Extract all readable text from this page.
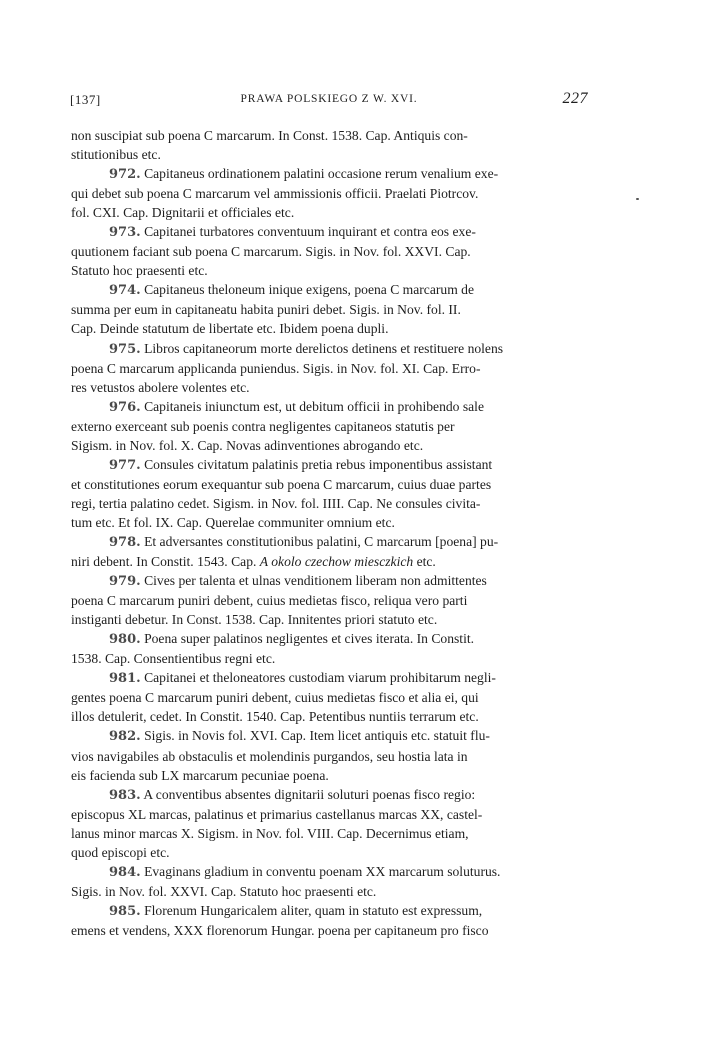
[137]	PRAWA POLSKIEGO Z W. XVI.	227

non suscipiat sub poena C marcarum. In Const. 1538. Cap. Antiquis con-
stitutionibus etc.

972. Capitaneus ordinationem palatini occasione rerum venalium exe-
qui debet sub poena C marcarum vel ammissionis officii. Praelati Piotrcov.
fol. CXI. Cap. Dignitarii et officiales etc.

973. Capitanei turbatores conventuum inquirant et contra eos exe-
quutionem faciant sub poena C marcarum. Sigis. in Nov. fol. XXVI. Cap.
Statuto hoc praesenti etc.

974. Capitaneus theloneum inique exigens, poena C marcarum de
summa per eum in capitaneatu habita puniri debet. Sigis. in Nov. fol. II.
Cap. Deinde statutum de libertate etc. Ibidem poena dupli.

975. Libros capitaneorum morte derelictos detinens et restituere nolens
poena C marcarum applicanda puniendus. Sigis. in Nov. fol. XI. Cap. Erro-
res vetustos abolere volentes etc.

976. Capitaneis iniunctum est, ut debitum officii in prohibendo sale
externo exerceant sub poenis contra negligentes capitaneos statutis per
Sigism. in Nov. fol. X. Cap. Novas adinventiones abrogando etc.

977. Consules civitatum palatinis pretia rebus imponentibus assistant
et constitutiones eorum exequantur sub poena C marcarum, cuius duae partes
regi, tertia palatino cedet. Sigism. in Nov. fol. IIII. Cap. Ne consules civita-
tum etc. Et fol. IX. Cap. Querelae communiter omnium etc.

978. Et adversantes constitutionibus palatini, C marcarum [poena] pu-
niri debent. In Constit. 1543. Cap. A okolo czechow miesczkich etc.

979. Cives per talenta et ulnas venditionem liberam non admittentes
poena C marcarum puniri debent, cuius medietas fisco, reliqua vero parti
instiganti debetur. In Const. 1538. Cap. Innitentes priori statuto etc.

980. Poena super palatinos negligentes et cives iterata. In Constit.
1538. Cap. Consentientibus regni etc.

981. Capitanei et theloneatores custodiam viarum prohibitarum negli-
gentes poena C marcarum puniri debent, cuius medietas fisco et alia ei, qui
illos detulerit, cedet. In Constit. 1540. Cap. Petentibus nuntiis terrarum etc.

982. Sigis. in Novis fol. XVI. Cap. Item licet antiquis etc. statuit flu-
vios navigabiles ab obstaculis et molendinis purgandos, seu hostia lata in
eis facienda sub LX marcarum pecuniae poena.

983. A conventibus absentes dignitarii soluturi poenas fisco regio:
episcopus XL marcas, palatinus et primarius castellanus marcas XX, castel-
lanus minor marcas X. Sigism. in Nov. fol. VIII. Cap. Decernimus etiam,
quod episcopi etc.

984. Evaginans gladium in conventu poenam XX marcarum soluturus.
Sigis. in Nov. fol. XXVI. Cap. Statuto hoc praesenti etc.

985. Florenum Hungaricalem aliter, quam in statuto est expressum,
emens et vendens, XXX florenorum Hungar. poena per capitaneum pro fisco
